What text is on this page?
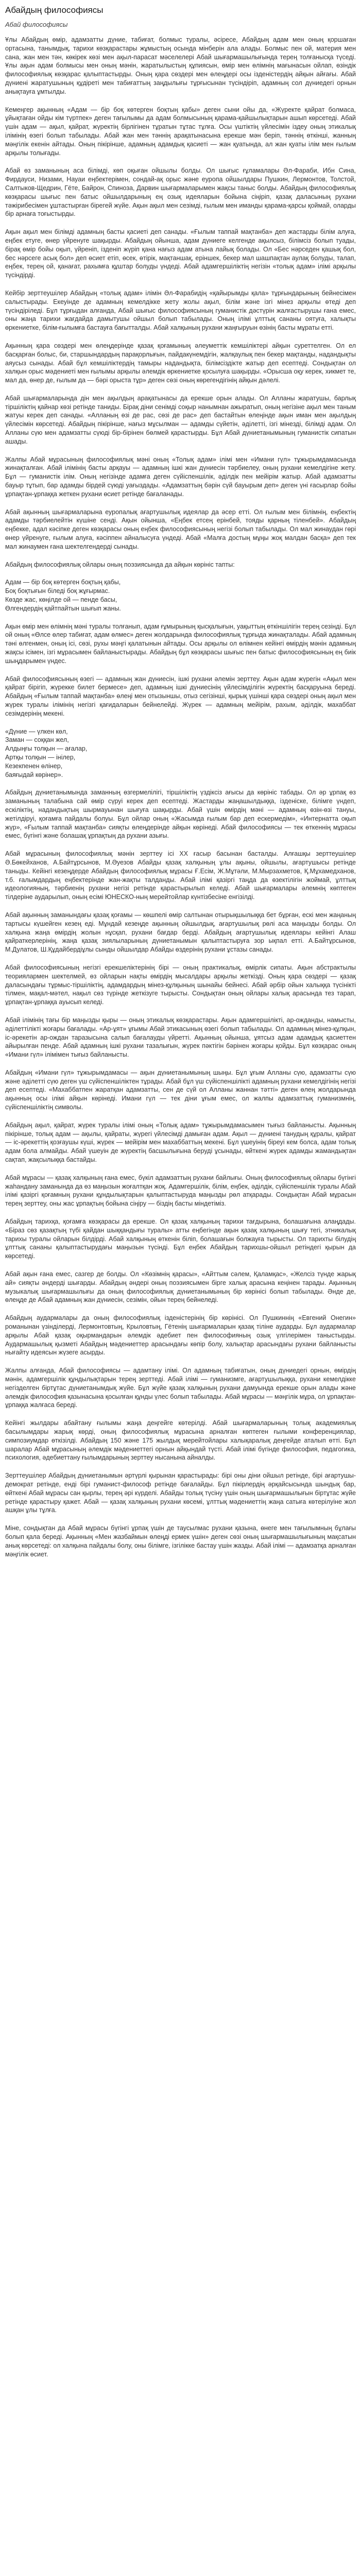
Абайдың философиясы
Абай философиясы

Ұлы Абайдың өмір, адамзатты дүние, табиғат, болмыс туралы, әсіресе, Абайдың адам мен оның қоршаған ортасына, танымдық, тарихи көзқарастары жұмыстың осында мінберін ала алады. Болмыс пен ой, материя мен сана, жан мен тән, көкірек көзі мен ақыл-парасат мәселелері Абай шығармашылығында терең толғанысқа түседі. Ұлы ақын адам болмысы мен оның мәнін, жаратылыстың құпиясын, өмір мен өлімнің мағынасын ойлап, өзіндік философиялық көзқарас қалыптастырды. Оның қара сөздері мен өлеңдері осы ізденістердің айқын айғағы. Абай дүниені жаратушының құдіреті мен табиғаттың заңдылығы тұрғысынан түсіндіріп, адамның сол дүниедегі орнын анықтауға ұмтылды.

Кемеңгер ақынның «Адам — бір боқ көтерген боқтың қабы» деген сыни ойы да, «Жүректе қайрат болмаса, ұйықтаған ойды кім түртпек» деген тағылымы да адам болмысының қарама-қайшылықтарын ашып көрсетеді. Абай үшін адам — ақыл, қайрат, жүректің бірлігінен тұратын тұтас тұлға. Осы үштіктің үйлесімін іздеу оның этикалық ілімінің өзегі болып табылады. Абай жан мен тәннің арақатынасына ерекше мән беріп, тәннің өткінші, жанның мәңгілік екенін айтады. Оның пікірінше, адамның адамдық қасиеті — жан қуатында, ал жан қуаты ілім мен ғылым арқылы толығады.

Абай өз заманының аса білімді, көп оқыған ойшылы болды. Ол шығыс ғұламалары Әл-Фараби, Ибн Сина, Фирдауси, Низами, Науаи еңбектерімен, сондай-ақ орыс және еуропа ойшылдары Пушкин, Лермонтов, Толстой, Салтыков-Щедрин, Гёте, Байрон, Спиноза, Дарвин шығармаларымен жақсы таныс болды. Абайдың философиялық көзқарасы шығыс пен батыс ойшылдарының ең озық идеяларын бойына сіңіріп, қазақ даласының рухани тәжірибесімен ұштастырған бірегей жүйе. Ақын ақыл мен сезімді, ғылым мен иманды қарама-қарсы қоймай, оларды бір арнаға тоғыстырды.

Ақын ақыл мен білімді адамның басты қасиеті деп санады. «Ғылым таппай мақтанба» деп жастарды білім алуға, еңбек етуге, өнер үйренуге шақырды. Абайдың ойынша, адам дүниеге келгенде ақылсыз, білімсіз болып туады, бірақ өмір бойы оқып, үйреніп, ізденіп жүріп қана нағыз адам атына лайық болады. Ол «Бес нәрседен қашық бол, бес нәрсеге асық бол» деп өсиет етіп, өсек, өтірік, мақтаншақ, еріншек, бекер мал шашпақтан аулақ болуды, талап, еңбек, терең ой, қанағат, рахымға құштар болуды үндеді. Абай адамгершіліктің негізін «толық адам» ілімі арқылы түсіндірді.

Кейбір зерттеушілер Абайдың «толық адам» ілімін Әл-Фарабидің «қайырымды қала» тұрғындарының бейнесімен салыстырады. Екеуінде де адамның кемелдікке жету жолы ақыл, білім және ізгі мінез арқылы өтеді деп түсіндіріледі. Бұл тұрғыдан алғанда, Абай шығыс философиясының гуманистік дәстүрін жалғастырушы ғана емес, оны жаңа тарихи жағдайда дамытушы ойшыл болып табылады. Оның ілімі ұлттық сананы оятуға, халықты өркениетке, білім-ғылымға бастауға бағытталды. Абай халқының рухани жаңғыруын өзінің басты мұраты етті.

Ақынның қара сөздері мен өлеңдерінде қазақ қоғамының әлеуметтік кемшіліктері айқын суреттелген. Ол ел басқарған болыс, би, старшындардың парақорлығын, пайдакүнемдігін, жалқаулық пен бекер мақтанды, надандықты аяусыз сынады. Абай бұл кемшіліктердің тамыры надандықта, білімсіздікте жатыр деп есептеді. Сондықтан ол халқын орыс мәдениеті мен ғылымы арқылы әлемдік өркениетке қосылуға шақырды. «Орысша оқу керек, хикмет те, мал да, өнер де, ғылым да — бәрі орыста тұр» деген сөзі оның көрегендігінің айқын дәлелі.

Абай шығармаларында дін мен ақылдың арақатынасы да ерекше орын алады. Ол Алланы жаратушы, барлық тіршіліктің қайнар көзі ретінде таниды. Бірақ діни сенімді соқыр нанымнан ажыратып, оның негізіне ақыл мен таным жатуы керек деп санады. «Алланың өзі де рас, сөзі де рас» деп бастайтын өлеңінде ақын иман мен ақылдың үйлесімін көрсетеді. Абайдың пікірінше, нағыз мұсылман — адамды сүйетін, әділетті, ізгі мінезді, білімді адам. Ол Алланы сүю мен адамзатты сүюді бір-бірінен бөлмей қарастырды. Бұл Абай дүниетанымының гуманистік сипатын ашады.

Жалпы Абай мұрасының философиялық мәні оның «Толық адам» ілімі мен «Имани гүл» тұжырымдамасында жинақталған. Абай ілімінің басты арқауы — адамның ішкі жан дүниесін тәрбиелеу, оның рухани кемелдігіне жету. Бұл — гуманистік ілім. Оның негізінде адамға деген сүйіспеншілік, әділдік пен мейірім жатыр. Абай адамзатты бауыр тұтып, бар адамды бірдей сүюді уағыздады. «Адамзаттың бәрін сүй бауырым деп» деген үні ғасырлар бойы ұрпақтан-ұрпаққа жеткен рухани өсиет ретінде бағаланады.

Абай ақынның шығармаларына еуропалық ағартушылық идеялар да әсер етті. Ол ғылым мен білімнің, еңбектің адамды тәрбиелейтін күшіне сенді. Ақын ойынша, «Еңбек етсең ерінбей, тояды қарның тіленбей». Абайдың еңбекке, адал кәсіпке деген көзқарасы оның еңбек философиясының негізі болып табылады. Ол мал жинаудан гөрі өнер үйренуге, ғылым алуға, кәсіппен айналысуға үндеді. Абай «Малға достың мұңы жоқ малдан басқа» деп тек мал жинаумен ғана шектелгендерді сынады.

Абайдың философиялық ойлары оның поэзиясында да айқын көрініс тапты:

Адам — бір боқ көтерген боқтың қабы,
Боқ боқтығын біледі боқ жұғырмас.
Көзде жас, көңілде ой — пенде басы,
Өлгендердің қайтпайтын шығып жаны.

Ақын өмір мен өлімнің мәні туралы толғанып, адам ғұмырының қысқалығын, уақыттың өткіншілігін терең сезінді. Бұл ой оның «Өлсе өлер табиғат, адам өлмес» деген жолдарында философиялық тұрғыда жинақталады. Абай адамның тәні өлгенмен, оның ісі, сөзі, рухы мәңгі қалатынын айтады. Осы арқылы ол өлімнен кейінгі өмірдің мәнін адамның жақсы ісімен, ізгі мұрасымен байланыстырады. Абайдың бұл көзқарасы шығыс пен батыс философиясының ең биік шыңдарымен үндес.

Абай философиясының өзегі — адамның жан дүниесін, ішкі рухани әлемін зерттеу. Ақын адам жүрегін «Ақыл мен қайрат бірігіп, жүрекке билет бермесе» деп, адамның ішкі дүниесінің үйлесімділігін жүректің басқаруына береді. Абайдың «Ғылым таппай мақтанба» өлеңі мен отызыншы, отыз сегізінші, қырық үшінші қара сөздері оның ақыл мен жүрек туралы ілімінің негізгі қағидаларын бейнелейді. Жүрек — адамның мейірім, рахым, әділдік, махаббат сезімдерінің мекені.

«Дүние — үлкен көл,
Заман — соққан жел,
Алдыңғы толқын — ағалар,
Артқы толқын — інілер,
Кезекпенен өлінер,
баяғыдай көрінер».

Абайдың дүниетанымында заманның өзгермелілігі, тіршіліктің үздіксіз ағысы да көрініс табады. Ол әр ұрпақ өз заманының талабына сай өмір сүруі керек деп есептеді. Жастарды жаңашылдыққа, ізденіске, білімге үндеп, ескіліктің, надандықтың шырмауынан шығуға шақырды. Абай үшін өмірдің мәні — адамның өзін-өзі тануы, жетілдіруі, қоғамға пайдалы болуы. Бұл ойлар оның «Жасымда ғылым бар деп ескермедім», «Интернатта оқып жүр», «Ғылым таппай мақтанба» сияқты өлеңдерінде айқын көрінеді. Абай философиясы — тек өткеннің мұрасы емес, бүгінгі және болашақ ұрпақтың да рухани азығы.

Абай мұрасының философиялық мәнін зерттеу ісі ХХ ғасыр басынан басталды. Алғашқы зерттеушілер Ә.Бөкейханов, А.Байтұрсынов, М.Әуезов Абайды қазақ халқының ұлы ақыны, ойшылы, ағартушысы ретінде таныды. Кейінгі кезеңдерде Абайдың философиялық мұрасы Ғ.Есім, Ж.Мұтәли, М.Мырзахметов, Қ.Мұхамедханов, т.б. ғалымдардың еңбектерінде жан-жақты талданды. Абай ілімі қазіргі таңда да өзектілігін жоймай, ұлттық идеологияның, тәрбиенің рухани негізі ретінде қарастырылып келеді. Абай шығармалары әлемнің көптеген тілдеріне аударылып, оның есімі ЮНЕСКО-ның мерейтойлар күнтізбесіне енгізілді.

Абай ақынның заманындағы қазақ қоғамы — көшпелі өмір салтынан отырықшылыққа бет бұрған, ескі мен жаңаның тартысы күшейген кезең еді. Мұндай кезеңде ақынның ойшылдық, ағартушылық рөлі аса маңызды болды. Ол халқына жаңа өмірдің жолын нұсқап, рухани бағдар берді. Абайдың ағартушылық идеялары кейінгі Алаш қайраткерлерінің, жаңа қазақ зиялыларының дүниетанымын қалыптастыруға зор ықпал етті. А.Байтұрсынов, М.Дулатов, Ш.Құдайбердіұлы сынды ойшылдар Абайды өздерінің рухани ұстазы санады.

Абай философиясының негізгі ерекшеліктерінің бірі — оның практикалық, өмірлік сипаты. Ақын абстрактылы теориялармен шектелмей, өз ойларын нақты өмірдің мысалдары арқылы жеткізді. Оның қара сөздері — қазақ даласындағы тұрмыс-тіршіліктің, адамдардың мінез-құлқының шынайы бейнесі. Абай әрбір ойын халыққа түсінікті тілмен, мақал-мәтел, нақыл сөз түрінде жеткізуге тырысты. Сондықтан оның ойлары халық арасында тез тарап, ұрпақтан-ұрпаққа ауысып келеді.

Абай ілімінің тағы бір маңызды қыры — оның этикалық көзқарастары. Ақын адамгершілікті, ар-ожданды, намысты, әділеттілікті жоғары бағалады. «Ар-ұят» ұғымы Абай этикасының өзегі болып табылады. Ол адамның мінез-құлқын, іс-әрекетін ар-ождан таразысына салып бағалауды үйретті. Ақынның ойынша, ұятсыз адам адамдық қасиеттен айырылған пенде. Абай адамның ішкі рухани тазалығын, жүрек пәктігін бәрінен жоғары қойды. Бұл көзқарас оның «Имани гүл» ілімімен тығыз байланысты.

Абайдың «Имани гүл» тұжырымдамасы — ақын дүниетанымының шыңы. Бұл ұғым Алланы сүю, адамзатты сүю және әділетті сүю деген үш сүйіспеншіліктен тұрады. Абай бұл үш сүйіспеншілікті адамның рухани кемелдігінің негізі деп есептеді. «Махаббатпен жаратқан адамзатты, сен де сүй ол Алланы жаннан тәтті» деген өлең жолдарында ақынның осы ілімі айқын көрінеді. Имани гүл — тек діни ұғым емес, ол жалпы адамзаттық гуманизмнің, сүйіспеншіліктің символы.

Абайдың ақыл, қайрат, жүрек туралы ілімі оның «Толық адам» тұжырымдамасымен тығыз байланысты. Ақынның пікірінше, толық адам — ақылы, қайраты, жүрегі үйлесімді дамыған адам. Ақыл — дүниені танудың құралы, қайрат — іс-әрекеттің қозғаушы күші, жүрек — мейірім мен махаббаттың мекені. Бұл үшеуінің біреуі кем болса, адам толық адам бола алмайды. Абай үшеуін де жүректің басшылығына беруді ұсынады, өйткені жүрек адамды жамандықтан сақтап, жақсылыққа бастайды.

Абай мұрасы — қазақ халқының ғана емес, бүкіл адамзаттың рухани байлығы. Оның философиялық ойлары бүгінгі жаһандану заманында да өз маңызын жоғалтқан жоқ. Адамгершілік, білім, еңбек, әділдік, сүйіспеншілік туралы Абай ілімі қазіргі қоғамның рухани құндылықтарын қалыптастыруда маңызды рөл атқарады. Сондықтан Абай мұрасын терең зерттеу, оны жас ұрпақтың бойына сіңіру — біздің басты міндетіміз.

Абайдың тарихқа, қоғамға көзқарасы да ерекше. Ол қазақ халқының тарихи тағдырына, болашағына алаңдады. «Біраз сөз қазақтың түбі қайдан шыққандығы туралы» атты еңбегінде ақын қазақ халқының шығу тегі, этникалық тарихы туралы ойларын білдірді. Абай халқының өткенін біліп, болашағын болжауға тырысты. Ол тарихты білудің ұлттық сананы қалыптастырудағы маңызын түсінді. Бұл еңбек Абайдың тарихшы-ойшыл ретіндегі қырын да көрсетеді.

Абай ақын ғана емес, сазгер де болды. Ол «Көзімнің қарасы», «Айттым сәлем, Қаламқас», «Желсіз түнде жарық ай» сияқты әндерді шығарды. Абайдың әндері оның поэзиясымен бірге халық арасына кеңінен тарады. Ақынның музыкалық шығармашылығы да оның философиялық дүниетанымының бір көрінісі болып табылады. Әнде де, өлеңде де Абай адамның жан дүниесін, сезімін, ойын терең бейнеледі.

Абайдың аудармалары да оның философиялық ізденістерінің бір көрінісі. Ол Пушкиннің «Евгений Онегин» романынан үзінділерді, Лермонтовтың, Крыловтың, Гётенің шығармаларын қазақ тіліне аударды. Бұл аудармалар арқылы Абай қазақ оқырмандарын әлемдік әдебиет пен философияның озық үлгілерімен таныстырды. Аудармашылық қызметі Абайдың мәдениеттер арасындағы көпір болу, халықтар арасындағы рухани байланысты нығайту идеясын жүзеге асырды.

Жалпы алғанда, Абай философиясы — адамтану ілімі. Ол адамның табиғатын, оның дүниедегі орнын, өмірдің мәнін, адамгершілік құндылықтарын терең зерттеді. Абай ілімі — гуманизмге, ағартушылыққа, рухани кемелдікке негізделген біртұтас дүниетанымдық жүйе. Бұл жүйе қазақ халқының рухани дамуында ерекше орын алады және әлемдік философия қазынасына қосылған құнды үлес болып табылады. Абай мұрасы — мәңгілік мұра, ол ұрпақтан-ұрпаққа жалғаса береді.

Кейінгі жылдары абайтану ғылымы жаңа деңгейге көтерілді. Абай шығармаларының толық академиялық басылымдары жарық көрді, оның философиялық мұрасына арналған көптеген ғылыми конференциялар, симпозиумдар өткізілді. Абайдың 150 және 175 жылдық мерейтойлары халықаралық деңгейде аталып өтті. Бұл шаралар Абай мұрасының әлемдік мәдениеттегі орнын айқындай түсті. Абай ілімі бүгінде философия, педагогика, психология, әдебиеттану ғылымдарының зерттеу нысанына айналды.

Зерттеушілер Абайдың дүниетанымын әртүрлі қырынан қарастырады: бірі оны діни ойшыл ретінде, бірі ағартушы-демократ ретінде, енді бірі гуманист-философ ретінде бағалайды. Бұл пікірлердің әрқайсысында шындық бар, өйткені Абай мұрасы сан қырлы, терең әрі күрделі. Абайды толық түсіну үшін оның шығармашылығын біртұтас жүйе ретінде қарастыру қажет. Абай — қазақ халқының рухани көсемі, ұлттық мәдениеттің жаңа сатыға көтерілуіне жол ашқан ұлы тұлға.

Міне, сондықтан да Абай мұрасы бүгінгі ұрпақ үшін де таусылмас рухани қазына, өнеге мен тағылымның бұлағы болып қала береді. Ақынның «Мен жазбаймын өлеңді ермек үшін» деген сөзі оның шығармашылығының мақсатын анық көрсетеді: ол халқына пайдалы болу, оны білімге, ізгілікке бастау үшін жазды. Абай ілімі — адамзатқа арналған мәңгілік өсиет.
